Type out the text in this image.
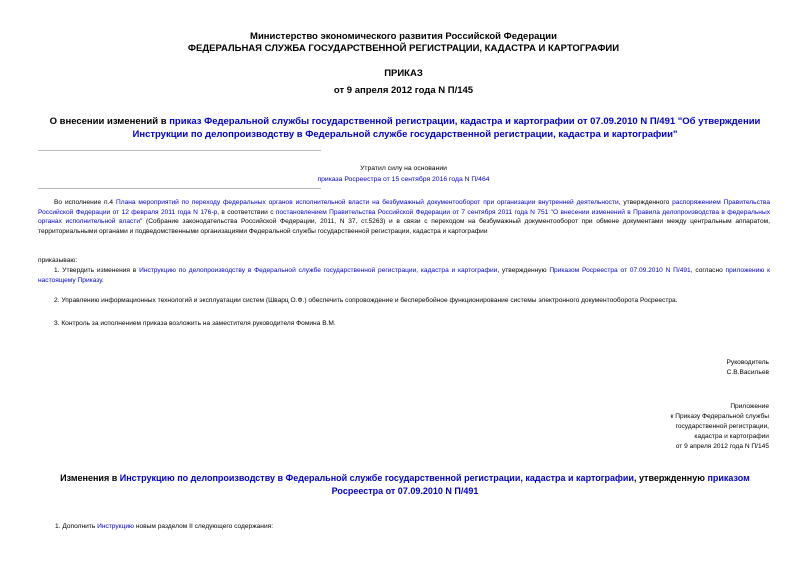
Министерство экономического развития Российской Федерации
ФЕДЕРАЛЬНАЯ СЛУЖБА ГОСУДАРСТВЕННОЙ РЕГИСТРАЦИИ, КАДАСТРА И КАРТОГРАФИИ
ПРИКАЗ
от 9 апреля 2012 года N П/145
О внесении изменений в приказ Федеральной службы государственной регистрации, кадастра и картографии от 07.09.2010 N П/491 "Об утверждении Инструкции по делопроизводству в Федеральной службе государственной регистрации, кадастра и картографии"
Утратил силу на основании
приказа Росреестра от 15 сентября 2016 года N П/464
Во исполнение п.4 Плана мероприятий по переходу федеральных органов исполнительной власти на безбумажный документооборот при организации внутренней деятельности, утвержденного распоряжением Правительства Российской Федерации от 12 февраля 2011 года N 176-р, в соответствии с постановлением Правительства Российской Федерации от 7 сентября 2011 года N 751 "О внесении изменений в Правила делопроизводства в федеральных органах исполнительной власти" (Собрание законодательства Российской Федерации, 2011, N 37, ст.5263) и в связи с переходом на безбумажный документооборот при обмене документами между центральным аппаратом, территориальными органами и подведомственными организациями Федеральной службы государственной регистрации, кадастра и картографии
приказываю:
1. Утвердить изменения в Инструкцию по делопроизводству в Федеральной службе государственной регистрации, кадастра и картографии, утвержденную Приказом Росреестра от 07.09.2010 N П/491, согласно приложению к настоящему Приказу.
2. Управлению информационных технологий и эксплуатации систем (Шварц О.Ф.) обеспечить сопровождение и бесперебойное функционирование системы электронного документооборота Росреестра.
3. Контроль за исполнением приказа возложить на заместителя руководителя Фомина В.М.
Руководитель
С.В.Васильев
Приложение
к Приказу Федеральной службы
государственной регистрации,
кадастра и картографии
от 9 апреля 2012 года N П/145
Изменения в Инструкцию по делопроизводству в Федеральной службе государственной регистрации, кадастра и картографии, утвержденную приказом Росреестра от 07.09.2010 N П/491
1. Дополнить Инструкцию новым разделом II следующего содержания:
